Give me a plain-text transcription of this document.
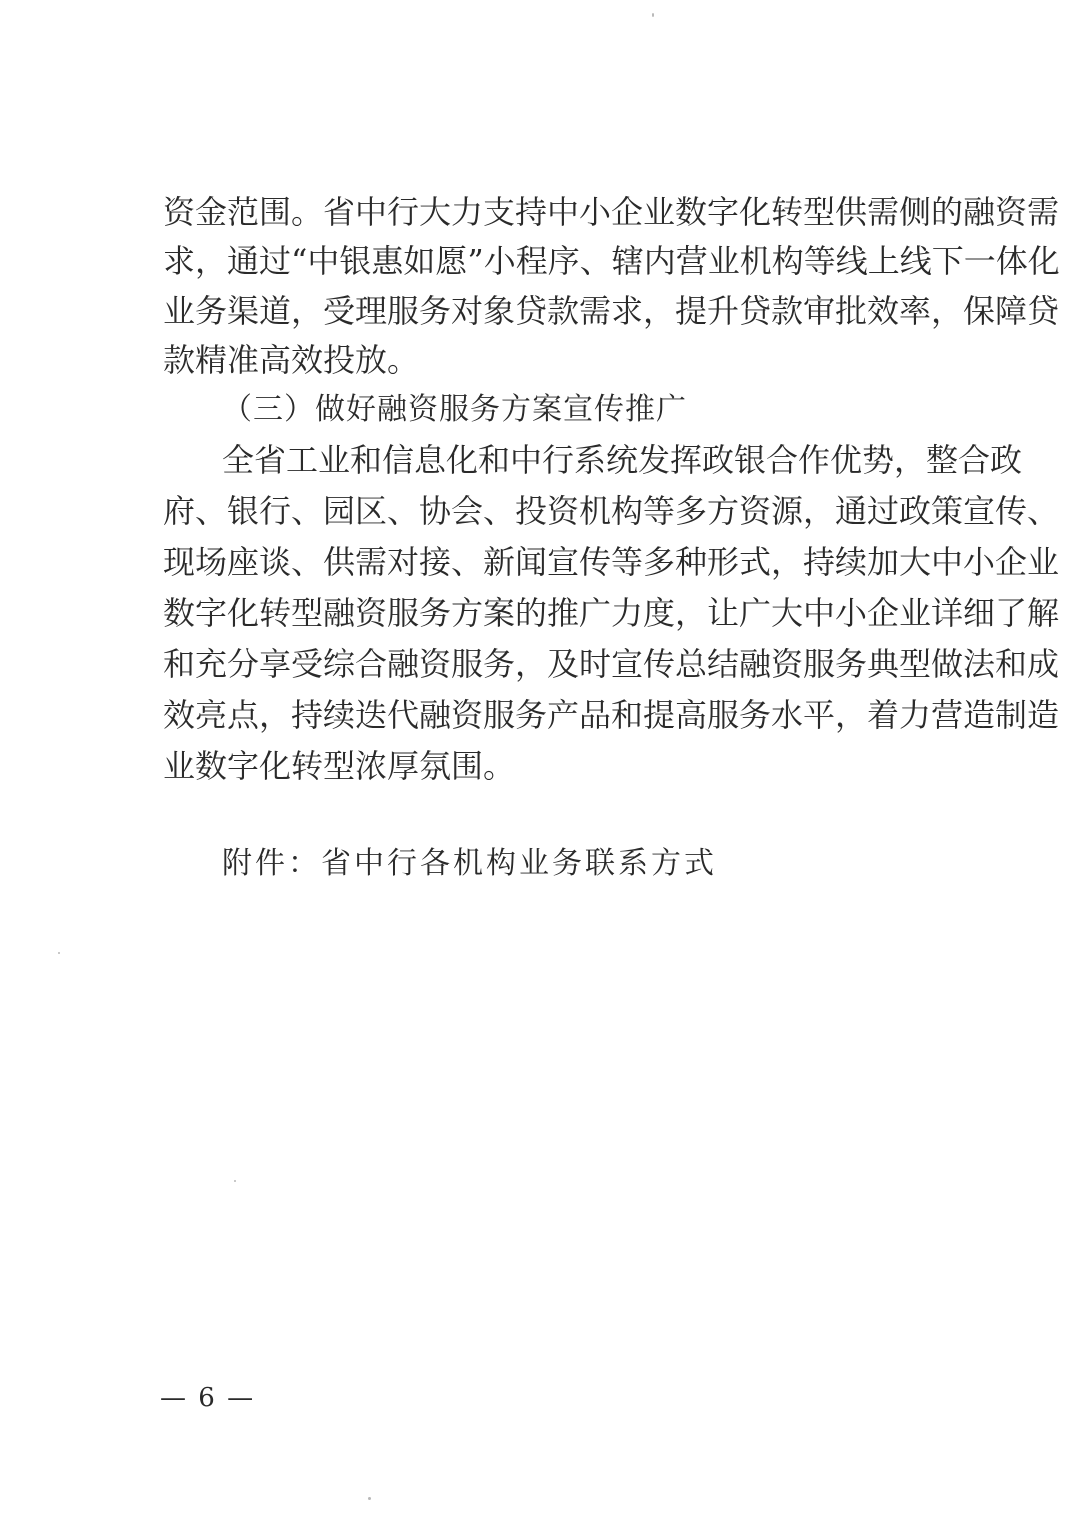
资金范围。省中行大力支持中小企业数字化转型供需侧的融资需
求，通过“中银惠如愿”小程序、辖内营业机构等线上线下一体化
业务渠道，受理服务对象贷款需求，提升贷款审批效率，保障贷
款精准高效投放。
（三）做好融资服务方案宣传推广
全省工业和信息化和中行系统发挥政银合作优势，整合政
府、银行、园区、协会、投资机构等多方资源，通过政策宣传、
现场座谈、供需对接、新闻宣传等多种形式，持续加大中小企业
数字化转型融资服务方案的推广力度，让广大中小企业详细了解
和充分享受综合融资服务，及时宣传总结融资服务典型做法和成
效亮点，持续迭代融资服务产品和提高服务水平，着力营造制造
业数字化转型浓厚氛围。
附件：省中行各机构业务联系方式
— 6 —
